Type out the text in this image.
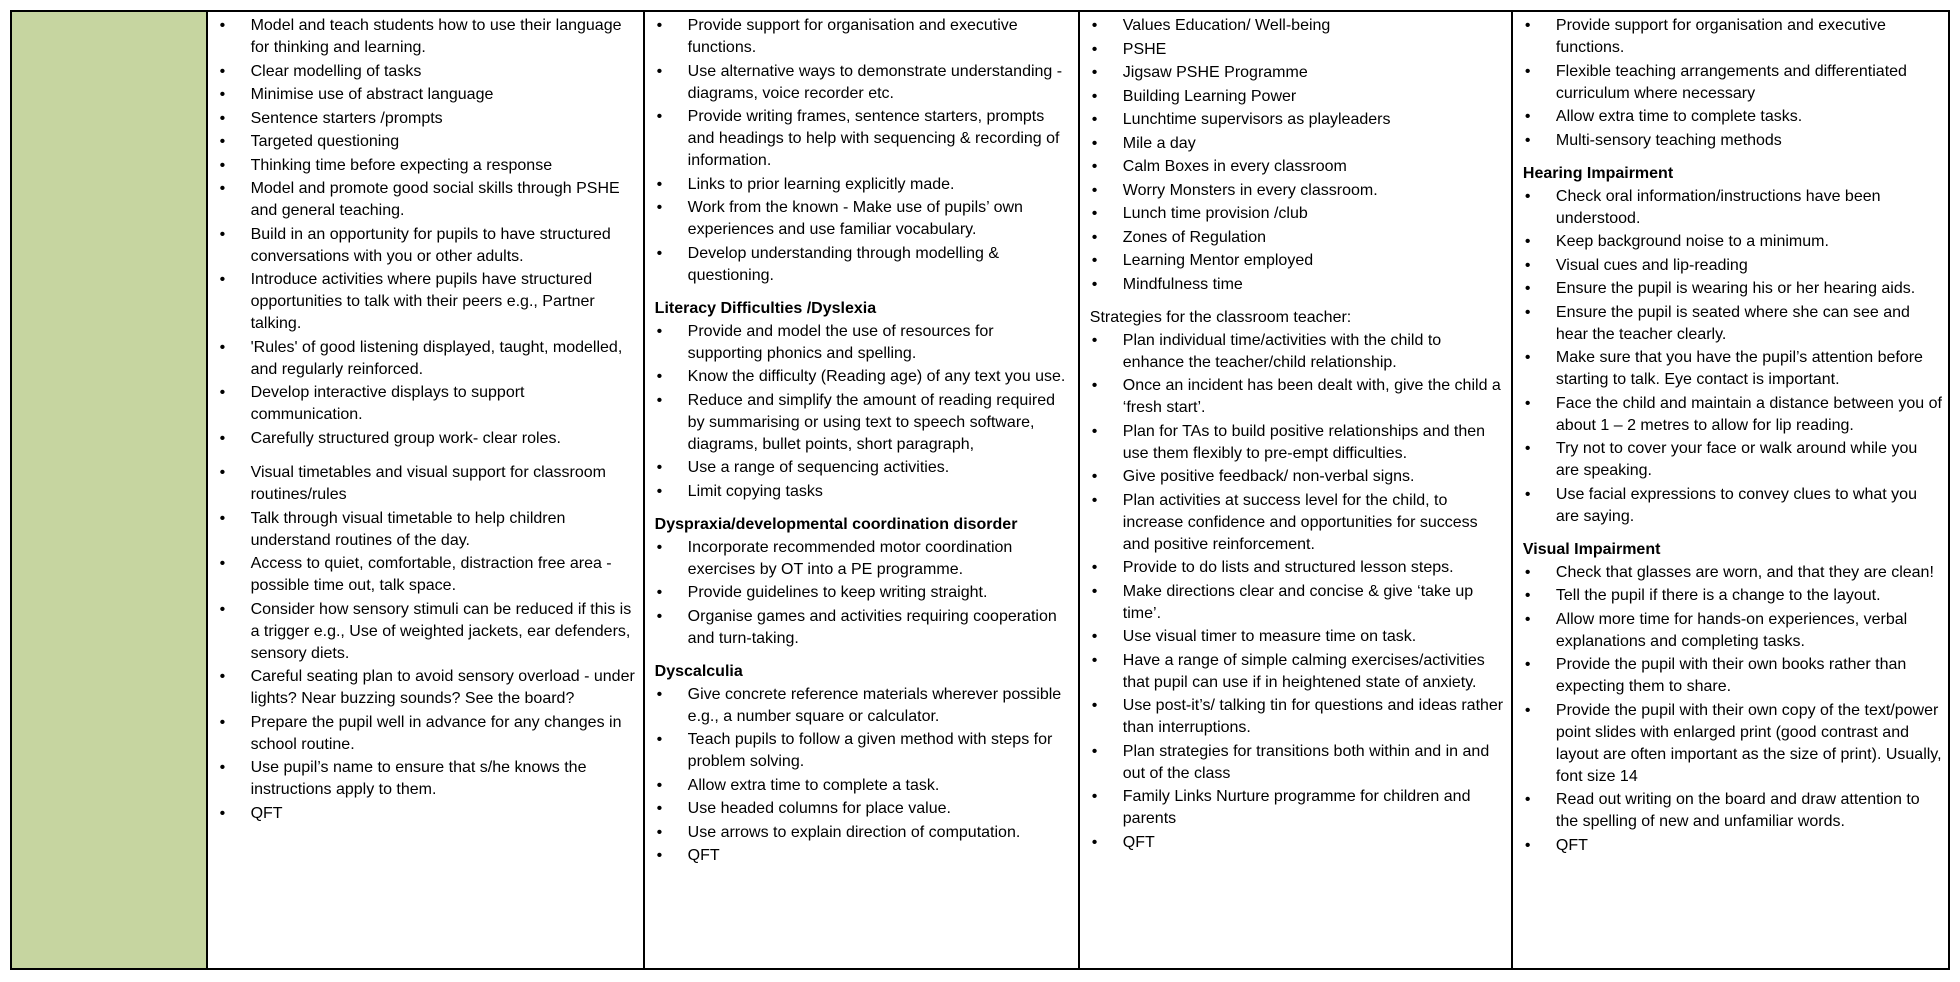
• Model and teach students how to use their language for thinking and learning.
• Clear modelling of tasks
• Minimise use of abstract language
• Sentence starters /prompts
• Targeted questioning
• Thinking time before expecting a response
• Model and promote good social skills through PSHE and general teaching.
• Build in an opportunity for pupils to have structured conversations with you or other adults.
• Introduce activities where pupils have structured opportunities to talk with their peers e.g., Partner talking.
• 'Rules' of good listening displayed, taught, modelled, and regularly reinforced.
• Develop interactive displays to support communication.
• Carefully structured group work- clear roles.
• Visual timetables and visual support for classroom routines/rules
• Talk through visual timetable to help children understand routines of the day.
• Access to quiet, comfortable, distraction free area - possible time out, talk space.
• Consider how sensory stimuli can be reduced if this is a trigger e.g., Use of weighted jackets, ear defenders, sensory diets.
• Careful seating plan to avoid sensory overload - under lights? Near buzzing sounds? See the board?
• Prepare the pupil well in advance for any changes in school routine.
• Use pupil’s name to ensure that s/he knows the instructions apply to them.
• QFT
• Provide support for organisation and executive functions.
• Use alternative ways to demonstrate understanding - diagrams, voice recorder etc.
• Provide writing frames, sentence starters, prompts and headings to help with sequencing & recording of information.
• Links to prior learning explicitly made.
• Work from the known - Make use of pupils’ own experiences and use familiar vocabulary.
• Develop understanding through modelling & questioning.
Literacy Difficulties /Dyslexia
• Provide and model the use of resources for supporting phonics and spelling.
• Know the difficulty (Reading age) of any text you use.
• Reduce and simplify the amount of reading required by summarising or using text to speech software, diagrams, bullet points, short paragraph,
• Use a range of sequencing activities.
• Limit copying tasks
Dyspraxia/developmental coordination disorder
• Incorporate recommended motor coordination exercises by OT into a PE programme.
• Provide guidelines to keep writing straight.
• Organise games and activities requiring cooperation and turn-taking.
Dyscalculia
• Give concrete reference materials wherever possible e.g., a number square or calculator.
• Teach pupils to follow a given method with steps for problem solving.
• Allow extra time to complete a task.
• Use headed columns for place value.
• Use arrows to explain direction of computation.
• QFT
• Values Education/ Well-being
• PSHE
• Jigsaw PSHE Programme
• Building Learning Power
• Lunchtime supervisors as playleaders
• Mile a day
• Calm Boxes in every classroom
• Worry Monsters in every classroom.
• Lunch time provision /club
• Zones of Regulation
• Learning Mentor employed
• Mindfulness time
Strategies for the classroom teacher:
• Plan individual time/activities with the child to enhance the teacher/child relationship.
• Once an incident has been dealt with, give the child a ‘fresh start’.
• Plan for TAs to build positive relationships and then use them flexibly to pre-empt difficulties.
• Give positive feedback/ non-verbal signs.
• Plan activities at success level for the child, to increase confidence and opportunities for success and positive reinforcement.
• Provide to do lists and structured lesson steps.
• Make directions clear and concise & give ‘take up time’.
• Use visual timer to measure time on task.
• Have a range of simple calming exercises/activities that pupil can use if in heightened state of anxiety.
• Use post-it’s/ talking tin for questions and ideas rather than interruptions.
• Plan strategies for transitions both within and in and out of the class
• Family Links Nurture programme for children and parents
• QFT
• Provide support for organisation and executive functions.
• Flexible teaching arrangements and differentiated curriculum where necessary
• Allow extra time to complete tasks.
• Multi-sensory teaching methods
Hearing Impairment
• Check oral information/instructions have been understood.
• Keep background noise to a minimum.
• Visual cues and lip-reading
• Ensure the pupil is wearing his or her hearing aids.
• Ensure the pupil is seated where she can see and hear the teacher clearly.
• Make sure that you have the pupil’s attention before starting to talk. Eye contact is important.
• Face the child and maintain a distance between you of about 1 – 2 metres to allow for lip reading.
• Try not to cover your face or walk around while you are speaking.
• Use facial expressions to convey clues to what you are saying.
Visual Impairment
• Check that glasses are worn, and that they are clean!
• Tell the pupil if there is a change to the layout.
• Allow more time for hands-on experiences, verbal explanations and completing tasks.
• Provide the pupil with their own books rather than expecting them to share.
• Provide the pupil with their own copy of the text/power point slides with enlarged print (good contrast and layout are often important as the size of print). Usually, font size 14
• Read out writing on the board and draw attention to the spelling of new and unfamiliar words.
• QFT
